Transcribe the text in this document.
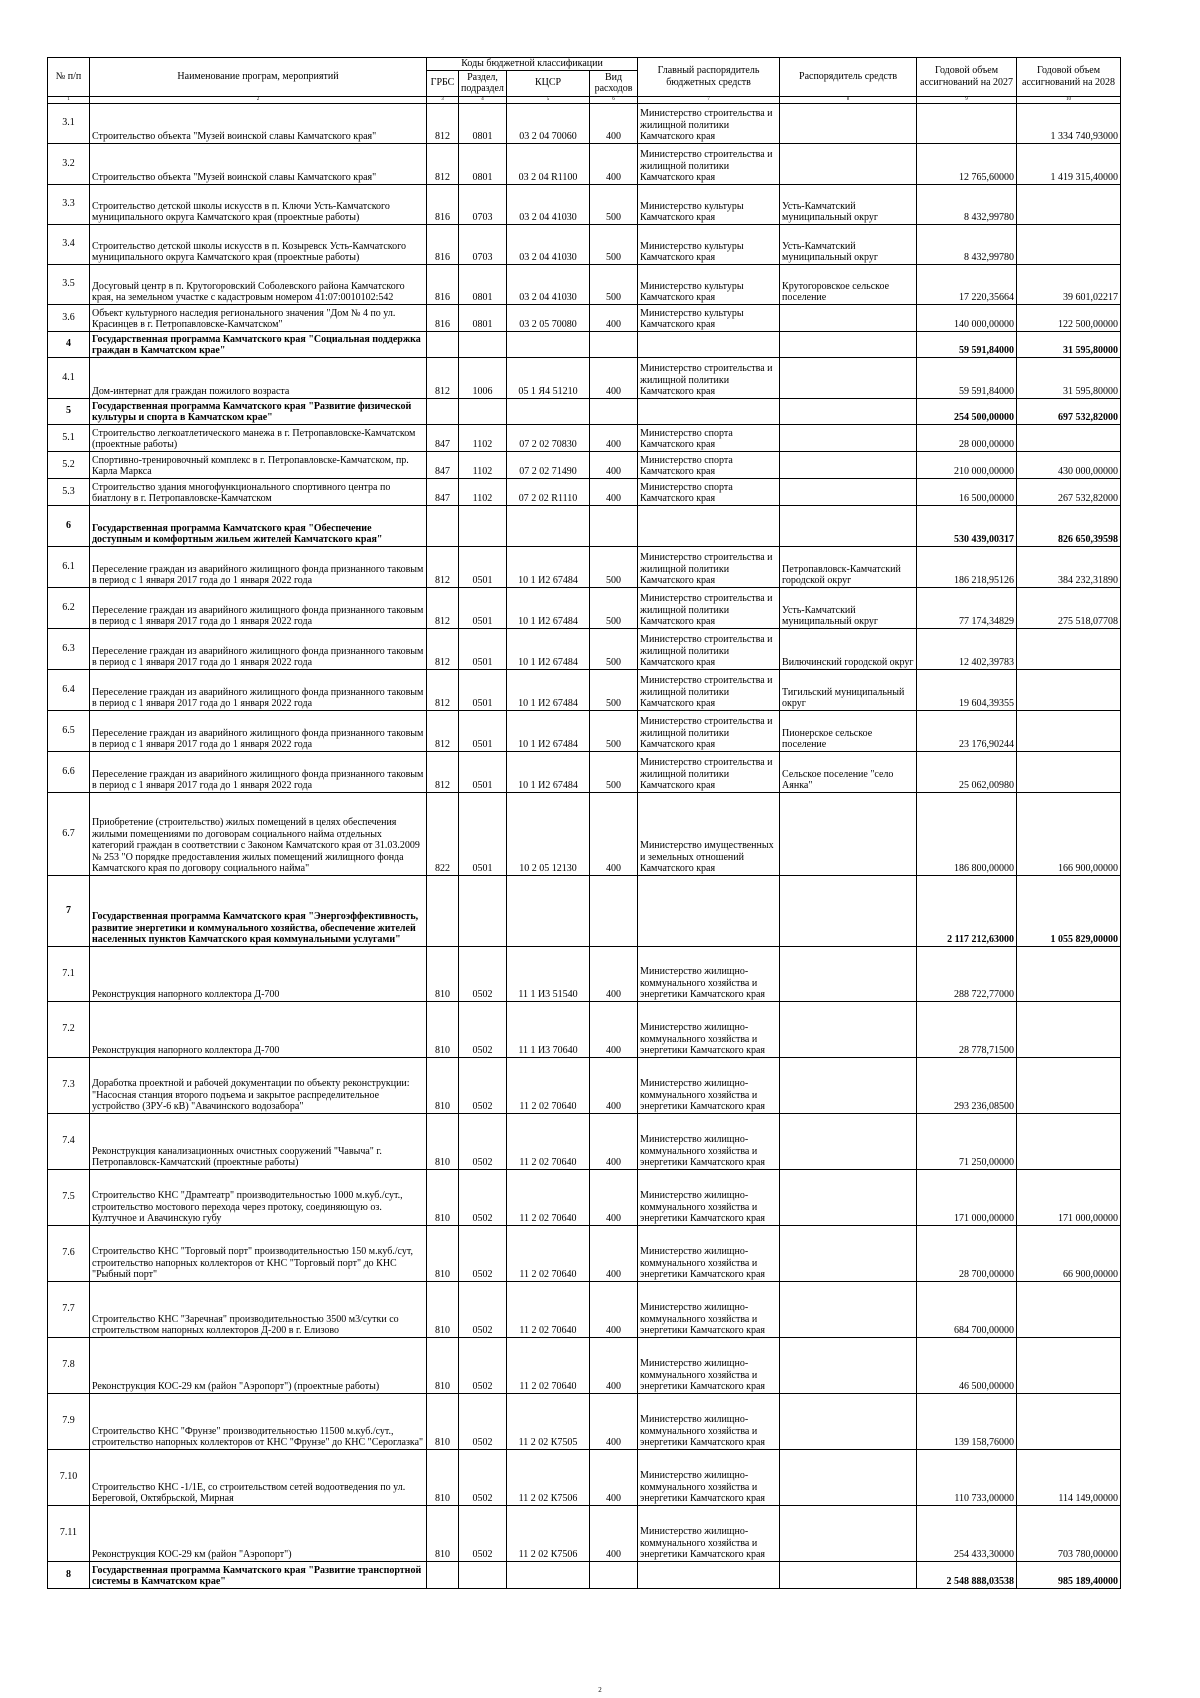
№ п/п	Наименование програм, мероприятий	Коды бюджетной классификации				Главный распорядитель бюджетных средств	Распорядитель средств	Годовой объем ассигнований на 2027	Годовой объем ассигнований на 2028
		ГРБС	Раздел, подраздел	КЦСР	Вид расходов				
1	2	3	4	5	6	7	8	9	10
3.1	Строительство объекта "Музей воинской славы Камчатского края"	812	0801	03 2 04 70060	400	Министерство строительства и жилищной политики Камчатского края			1 334 740,93000
3.2	Строительство объекта "Музей воинской славы Камчатского края"	812	0801	03 2 04 R1100	400	Министерство строительства и жилищной политики Камчатского края		12 765,60000	1 419 315,40000
3.3	Строительство детской школы искусств в п. Ключи Усть-Камчатского муниципального округа Камчатского края (проектные работы)	816	0703	03 2 04 41030	500	Министерство культуры Камчатского края	Усть-Камчатский муниципальный округ	8 432,99780	
3.4	Строительство детской школы искусств в п. Козыревск Усть-Камчатского муниципального округа Камчатского края (проектные работы)	816	0703	03 2 04 41030	500	Министерство культуры Камчатского края	Усть-Камчатский муниципальный округ	8 432,99780	
3.5	Досуговый центр в п. Крутогоровский Соболевского района Камчатского края, на земельном участке с кадастровым номером 41:07:0010102:542	816	0801	03 2 04 41030	500	Министерство культуры Камчатского края	Крутогоровское сельское поселение	17 220,35664	39 601,02217
3.6	Объект культурного наследия регионального значения "Дом № 4 по ул. Красинцев в г. Петропавловске-Камчатском"	816	0801	03 2 05 70080	400	Министерство культуры Камчатского края		140 000,00000	122 500,00000
4	Государственная программа Камчатского края "Социальная поддержка граждан в Камчатском крае"							59 591,84000	31 595,80000
4.1	Дом-интернат для граждан пожилого возраста	812	1006	05 1 Я4 51210	400	Министерство строительства и жилищной политики Камчатского края		59 591,84000	31 595,80000
5	Государственная программа Камчатского края "Развитие физической культуры и спорта в Камчатском крае"							254 500,00000	697 532,82000
5.1	Строительство легкоатлетического манежа в г. Петропавловске-Камчатском (проектные работы)	847	1102	07 2 02 70830	400	Министерство спорта Камчатского края		28 000,00000	
5.2	Спортивно-тренировочный комплекс в г. Петропавловске-Камчатском, пр. Карла Маркса	847	1102	07 2 02 71490	400	Министерство спорта Камчатского края		210 000,00000	430 000,00000
5.3	Строительство здания многофункционального спортивного центра по биатлону в г. Петропавловске-Камчатском	847	1102	07 2 02 R1110	400	Министерство спорта Камчатского края		16 500,00000	267 532,82000
6	Государственная программа Камчатского края "Обеспечение доступным и комфортным жильем жителей Камчатского края"							530 439,00317	826 650,39598
6.1	Переселение граждан из аварийного жилищного фонда признанного таковым в период с 1 января 2017 года до 1 января 2022 года	812	0501	10 1 И2 67484	500	Министерство строительства и жилищной политики Камчатского края	Петропавловск-Камчатский городской округ	186 218,95126	384 232,31890
6.2	Переселение граждан из аварийного жилищного фонда признанного таковым в период с 1 января 2017 года до 1 января 2022 года	812	0501	10 1 И2 67484	500	Министерство строительства и жилищной политики Камчатского края	Усть-Камчатский муниципальный округ	77 174,34829	275 518,07708
6.3	Переселение граждан из аварийного жилищного фонда признанного таковым в период с 1 января 2017 года до 1 января 2022 года	812	0501	10 1 И2 67484	500	Министерство строительства и жилищной политики Камчатского края	Вилючинский городской округ	12 402,39783	
6.4	Переселение граждан из аварийного жилищного фонда признанного таковым в период с 1 января 2017 года до 1 января 2022 года	812	0501	10 1 И2 67484	500	Министерство строительства и жилищной политики Камчатского края	Тигильский муниципальный округ	19 604,39355	
6.5	Переселение граждан из аварийного жилищного фонда признанного таковым в период с 1 января 2017 года до 1 января 2022 года	812	0501	10 1 И2 67484	500	Министерство строительства и жилищной политики Камчатского края	Пионерское сельское поселение	23 176,90244	
6.6	Переселение граждан из аварийного жилищного фонда признанного таковым в период с 1 января 2017 года до 1 января 2022 года	812	0501	10 1 И2 67484	500	Министерство строительства и жилищной политики Камчатского края	Сельское поселение "село Аянка"	25 062,00980	
6.7	Приобретение (строительство) жилых помещений в целях обеспечения жилыми помещениями по договорам социального найма отдельных категорий граждан в соответствии с Законом Камчатского края от 31.03.2009 № 253 "О порядке предоставления жилых помещений жилищного фонда Камчатского края по договору социального найма"	822	0501	10 2 05 12130	400	Министерство имущественных и земельных отношений Камчатского края		186 800,00000	166 900,00000
7	Государственная программа Камчатского края "Энергоэффективность, развитие энергетики и коммунального хозяйства, обеспечение жителей населенных пунктов Камчатского края коммунальными услугами"							2 117 212,63000	1 055 829,00000
7.1	Реконструкция напорного коллектора Д-700	810	0502	11 1 И3 51540	400	Министерство жилищно-коммунального хозяйства и энергетики Камчатского края		288 722,77000	
7.2	Реконструкция напорного коллектора Д-700	810	0502	11 1 И3 70640	400	Министерство жилищно-коммунального хозяйства и энергетики Камчатского края		28 778,71500	
7.3	Доработка проектной и рабочей документации по объекту реконструкции: "Насосная станция второго подъема и закрытое распределительное устройство (ЗРУ-6 кВ) "Авачинского водозабора"	810	0502	11 2 02 70640	400	Министерство жилищно-коммунального хозяйства и энергетики Камчатского края		293 236,08500	
7.4	Реконструкция канализационных очистных сооружений "Чавыча" г. Петропавловск-Камчатский (проектные работы)	810	0502	11 2 02 70640	400	Министерство жилищно-коммунального хозяйства и энергетики Камчатского края		71 250,00000	
7.5	Строительство КНС "Драмтеатр" производительностью 1000 м.куб./сут., строительство мостового перехода через протоку, соединяющую оз. Култучное и Авачинскую губу	810	0502	11 2 02 70640	400	Министерство жилищно-коммунального хозяйства и энергетики Камчатского края		171 000,00000	171 000,00000
7.6	Строительство КНС "Торговый порт" производительностью 150 м.куб./сут, строительство напорных коллекторов от КНС "Торговый порт" до КНС "Рыбный порт"	810	0502	11 2 02 70640	400	Министерство жилищно-коммунального хозяйства и энергетики Камчатского края		28 700,00000	66 900,00000
7.7	Строительство КНС "Заречная" производительностью 3500 м3/сутки со строительством напорных коллекторов Д-200 в г. Елизово	810	0502	11 2 02 70640	400	Министерство жилищно-коммунального хозяйства и энергетики Камчатского края		684 700,00000	
7.8	Реконструкция КОС-29 км (район "Аэропорт") (проектные работы)	810	0502	11 2 02 70640	400	Министерство жилищно-коммунального хозяйства и энергетики Камчатского края		46 500,00000	
7.9	Строительство КНС "Фрунзе" производительностью 11500 м.куб./сут., строительство напорных коллекторов от КНС "Фрунзе" до КНС "Сероглазка"	810	0502	11 2 02 К7505	400	Министерство жилищно-коммунального хозяйства и энергетики Камчатского края		139 158,76000	
7.10	Строительство КНС -1/1Е, со строительством сетей водоотведения по ул. Береговой, Октябрьской, Мирная	810	0502	11 2 02 К7506	400	Министерство жилищно-коммунального хозяйства и энергетики Камчатского края		110 733,00000	114 149,00000
7.11	Реконструкция КОС-29 км (район "Аэропорт")	810	0502	11 2 02 К7506	400	Министерство жилищно-коммунального хозяйства и энергетики Камчатского края		254 433,30000	703 780,00000
8	Государственная программа Камчатского края "Развитие транспортной системы в Камчатском крае"							2 548 888,03538	985 189,40000
2
